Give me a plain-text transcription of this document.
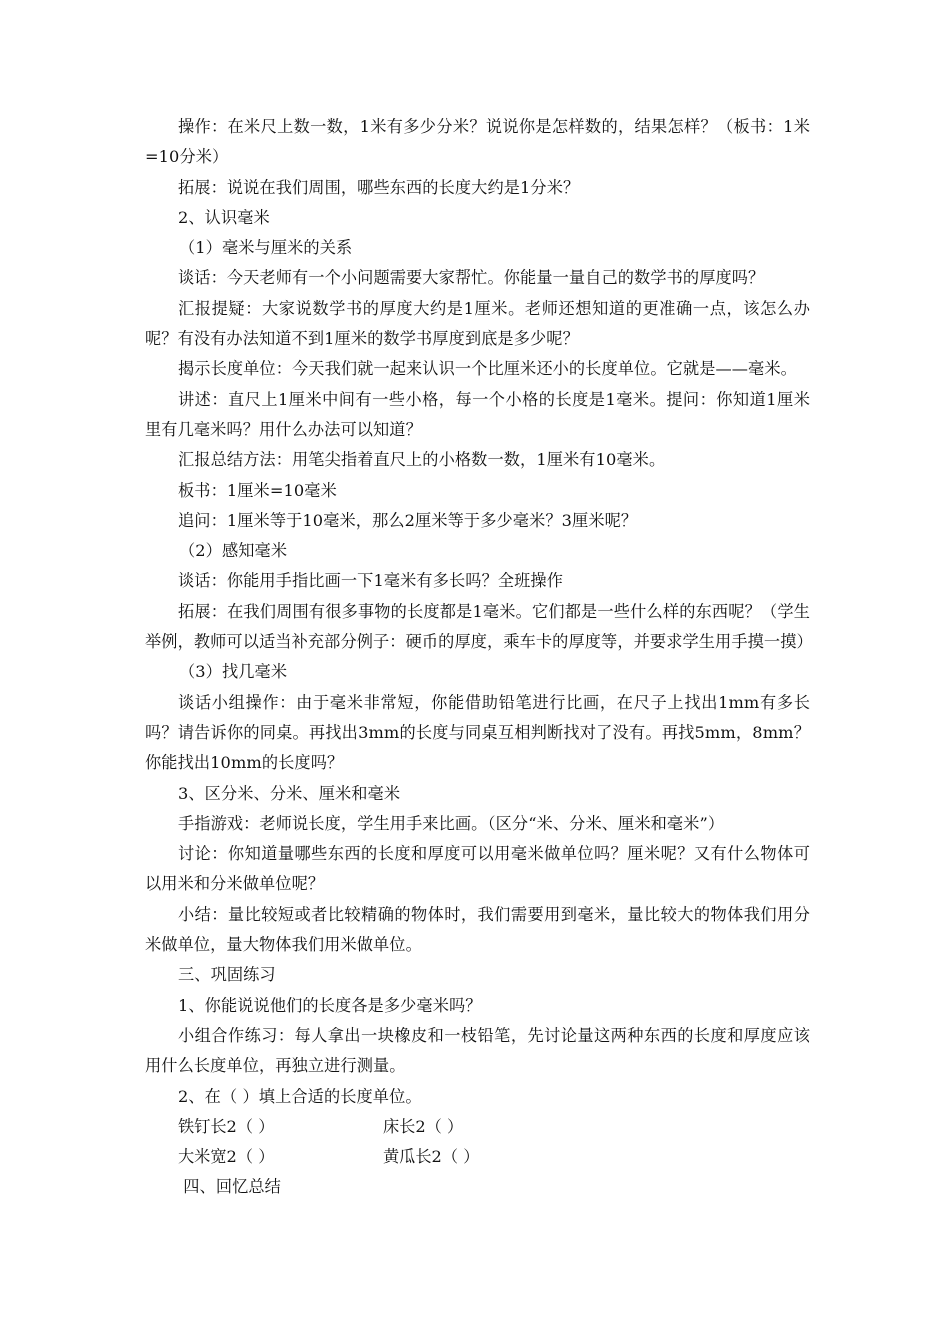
操作：在米尺上数一数，1米有多少分米？说说你是怎样数的，结果怎样？（板书：1米=10分米）

拓展：说说在我们周围，哪些东西的长度大约是1分米？

2、认识毫米

（1）毫米与厘米的关系

谈话：今天老师有一个小问题需要大家帮忙。你能量一量自己的数学书的厚度吗？

汇报提疑：大家说数学书的厚度大约是1厘米。老师还想知道的更准确一点，该怎么办呢？有没有办法知道不到1厘米的数学书厚度到底是多少呢？

揭示长度单位：今天我们就一起来认识一个比厘米还小的长度单位。它就是——毫米。

讲述：直尺上1厘米中间有一些小格，每一个小格的长度是1毫米。提问：你知道1厘米里有几毫米吗？用什么办法可以知道？

汇报总结方法：用笔尖指着直尺上的小格数一数，1厘米有10毫米。

板书：1厘米=10毫米

追问：1厘米等于10毫米，那么2厘米等于多少毫米？3厘米呢？

（2）感知毫米

谈话：你能用手指比画一下1毫米有多长吗？全班操作

拓展：在我们周围有很多事物的长度都是1毫米。它们都是一些什么样的东西呢？（学生举例，教师可以适当补充部分例子：硬币的厚度，乘车卡的厚度等，并要求学生用手摸一摸）

（3）找几毫米

谈话小组操作：由于毫米非常短，你能借助铅笔进行比画，在尺子上找出1mm有多长吗？请告诉你的同桌。再找出3mm的长度与同桌互相判断找对了没有。再找5mm，8mm？你能找出10mm的长度吗？

3、区分米、分米、厘米和毫米

手指游戏：老师说长度，学生用手来比画。（区分“米、分米、厘米和毫米”）

讨论：你知道量哪些东西的长度和厚度可以用毫米做单位吗？厘米呢？又有什么物体可以用米和分米做单位呢？

小结：量比较短或者比较精确的物体时，我们需要用到毫米，量比较大的物体我们用分米做单位，量大物体我们用米做单位。

三、巩固练习

1、你能说说他们的长度各是多少毫米吗？

小组合作练习：每人拿出一块橡皮和一枝铅笔，先讨论量这两种东西的长度和厚度应该用什么长度单位，再独立进行测量。

2、在（ ）填上合适的长度单位。

铁钉长2（ ）	床长2（ ）
大米宽2（ ）	黄瓜长2（ ）

四、回忆总结
